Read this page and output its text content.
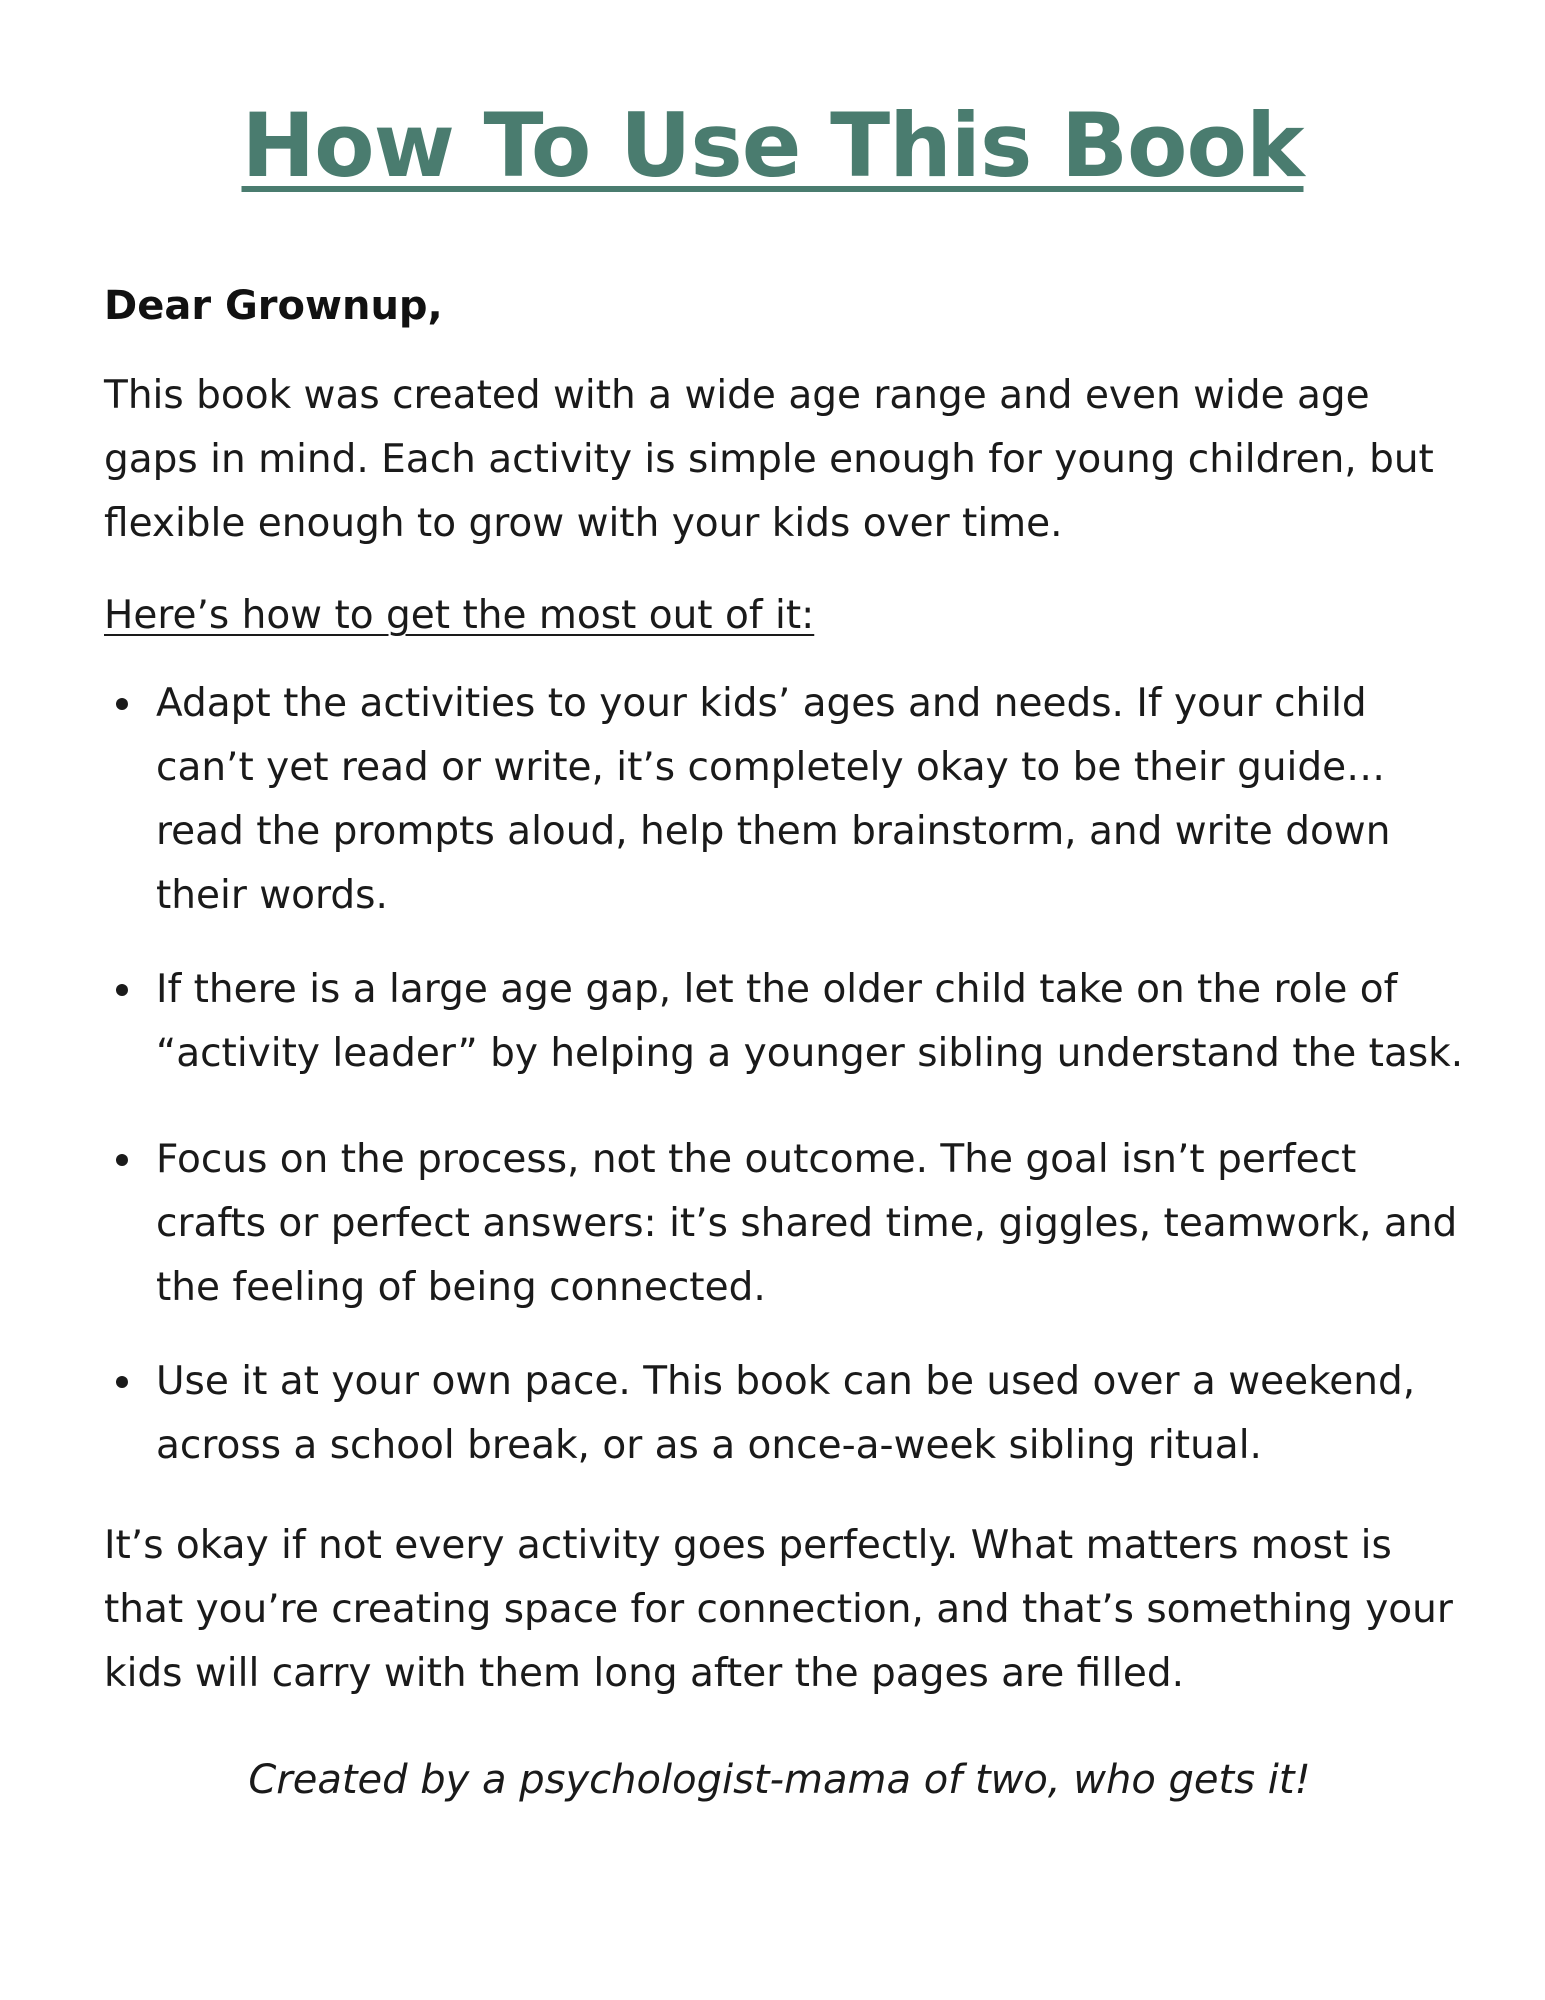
How To Use This Book

Dear Grownup,

This book was created with a wide age range and even wide age gaps in mind. Each activity is simple enough for young children, but flexible enough to grow with your kids over time.

Here’s how to get the most out of it:

Adapt the activities to your kids’ ages and needs. If your child can’t yet read or write, it’s completely okay to be their guide… read the prompts aloud, help them brainstorm, and write down their words.
If there is a large age gap, let the older child take on the role of “activity leader” by helping a younger sibling understand the task.
Focus on the process, not the outcome. The goal isn’t perfect crafts or perfect answers: it’s shared time, giggles, teamwork, and the feeling of being connected.
Use it at your own pace. This book can be used over a weekend, across a school break, or as a once-a-week sibling ritual.

It’s okay if not every activity goes perfectly. What matters most is that you’re creating space for connection, and that’s something your kids will carry with them long after the pages are filled.

Created by a psychologist-mama of two, who gets it!
